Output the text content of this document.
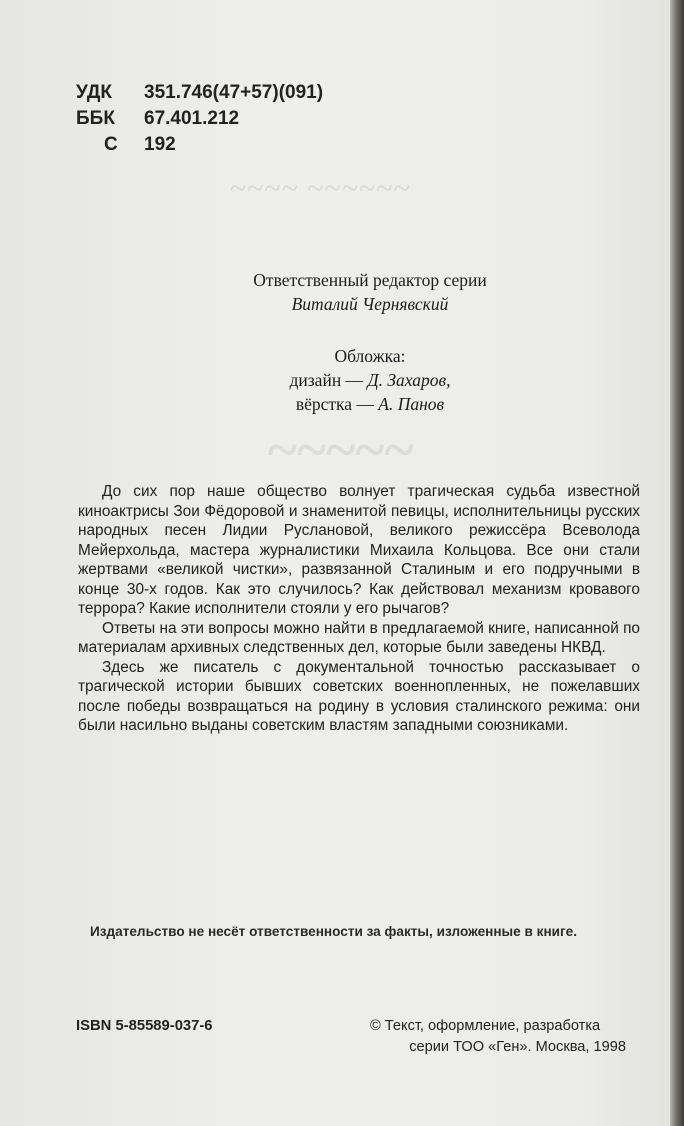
~~~~ ~~~~~~
~~~~~
УДК	351.746(47+57)(091)
ББК	67.401.212
С	192
Ответственный редактор серии
Виталий Чернявский
Обложка:
дизайн — Д. Захаров,
вёрстка — А. Панов

До сих пор наше общество волнует трагическая судьба известной киноактрисы Зои Фёдоровой и знаменитой певицы, исполнительницы русских народных песен Лидии Руслановой, великого режиссёра Всеволода Мейерхольда, мастера журналистики Михаила Кольцова. Все они стали жертвами «великой чистки», развязанной Сталиным и его подручными в конце 30-х годов. Как это случилось? Как действовал механизм кровавого террора? Какие исполнители стояли у его рычагов?

Ответы на эти вопросы можно найти в предлагаемой книге, написанной по материалам архивных следственных дел, которые были заведены НКВД.

Здесь же писатель с документальной точностью рассказывает о трагической истории бывших советских военнопленных, не пожелавших после победы возвращаться на родину в условия сталинского режима: они были насильно выданы советским властям западными союзниками.

Издательство не несёт ответственности за факты, изложенные в книге.
ISBN 5-85589-037-6	© Текст, оформление, разработка
серии ТОО «Ген». Москва, 1998
